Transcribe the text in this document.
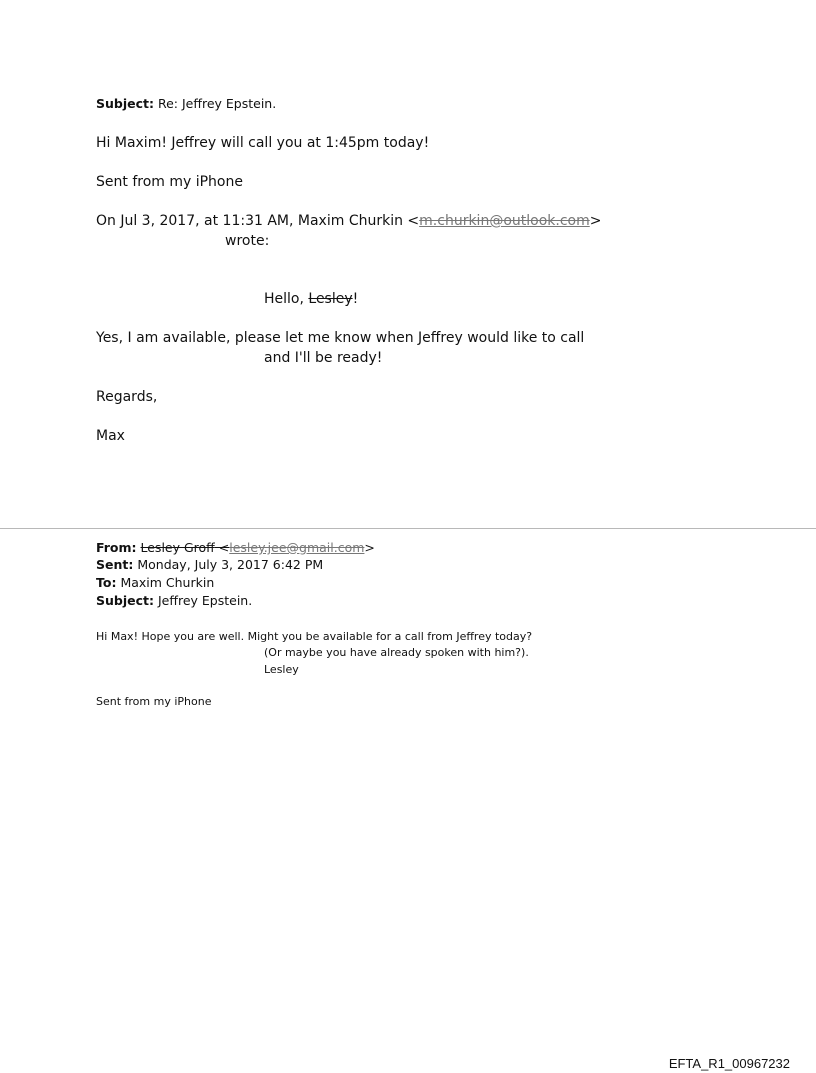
Subject: Re: Jeffrey Epstein.
Hi Maxim! Jeffrey will call you at 1:45pm today!
Sent from my iPhone
On Jul 3, 2017, at 11:31 AM, Maxim Churkin <m.churkin@outlook.com>
wrote:
Hello, Lesley!
Yes, I am available, please let me know when Jeffrey would like to call
and I'll be ready!
Regards,
Max
From: Lesley Groff <lesley.jee@gmail.com>
Sent: Monday, July 3, 2017 6:42 PM
To: Maxim Churkin
Subject: Jeffrey Epstein.
Hi Max! Hope you are well. Might you be available for a call from Jeffrey today?
(Or maybe you have already spoken with him?).
Lesley
Sent from my iPhone
EFTA_R1_00967232
